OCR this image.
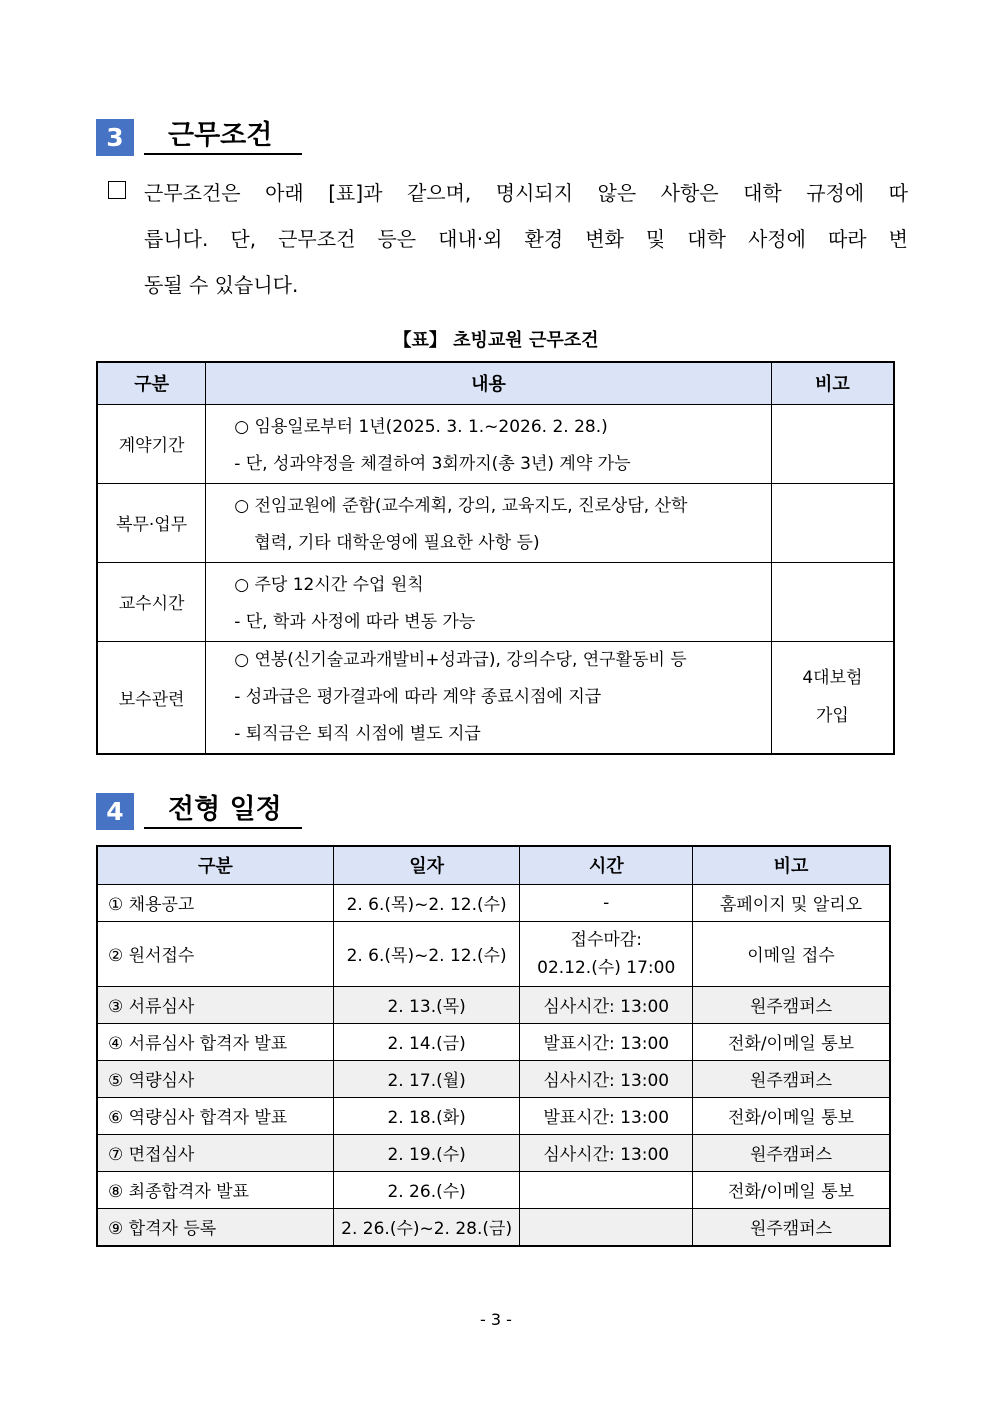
3	근무조건
근무조건은 아래 [표]과 같으며, 명시되지 않은 사항은 대학 규정에 따
릅니다. 단, 근무조건 등은 대내·외 환경 변화 및 대학 사정에 따라 변
동될 수 있습니다.
【표】 초빙교원 근무조건
구분	내용	비고
계약기간	○ 임용일로부터 1년(2025. 3. 1.~2026. 2. 28.)
- 단, 성과약정을 체결하여 3회까지(총 3년) 계약 가능	

복무·업무	○ 전임교원에 준함(교수계획, 강의, 교육지도, 진로상담, 산학
협력, 기타 대학운영에 필요한 사항 등)	

교수시간	○ 주당 12시간 수업 원칙
- 단, 학과 사정에 따라 변동 가능	

보수관련	○ 연봉(신기술교과개발비+성과급), 강의수당, 연구활동비 등
- 성과급은 평가결과에 따라 계약 종료시점에 지급
- 퇴직금은 퇴직 시점에 별도 지급	4대보험
가입
4	전형 일정
구분	일자	시간	비고
① 채용공고	2. 6.(목)~2. 12.(수)	-	홈페이지 및 알리오
② 원서접수	2. 6.(목)~2. 12.(수)	접수마감:
02.12.(수) 17:00	이메일 접수
③ 서류심사	2. 13.(목)	심사시간: 13:00	원주캠퍼스
④ 서류심사 합격자 발표	2. 14.(금)	발표시간: 13:00	전화/이메일 통보
⑤ 역량심사	2. 17.(월)	심사시간: 13:00	원주캠퍼스
⑥ 역량심사 합격자 발표	2. 18.(화)	발표시간: 13:00	전화/이메일 통보
⑦ 면접심사	2. 19.(수)	심사시간: 13:00	원주캠퍼스
⑧ 최종합격자 발표	2. 26.(수)		전화/이메일 통보
⑨ 합격자 등록	2. 26.(수)~2. 28.(금)		원주캠퍼스
- 3 -
